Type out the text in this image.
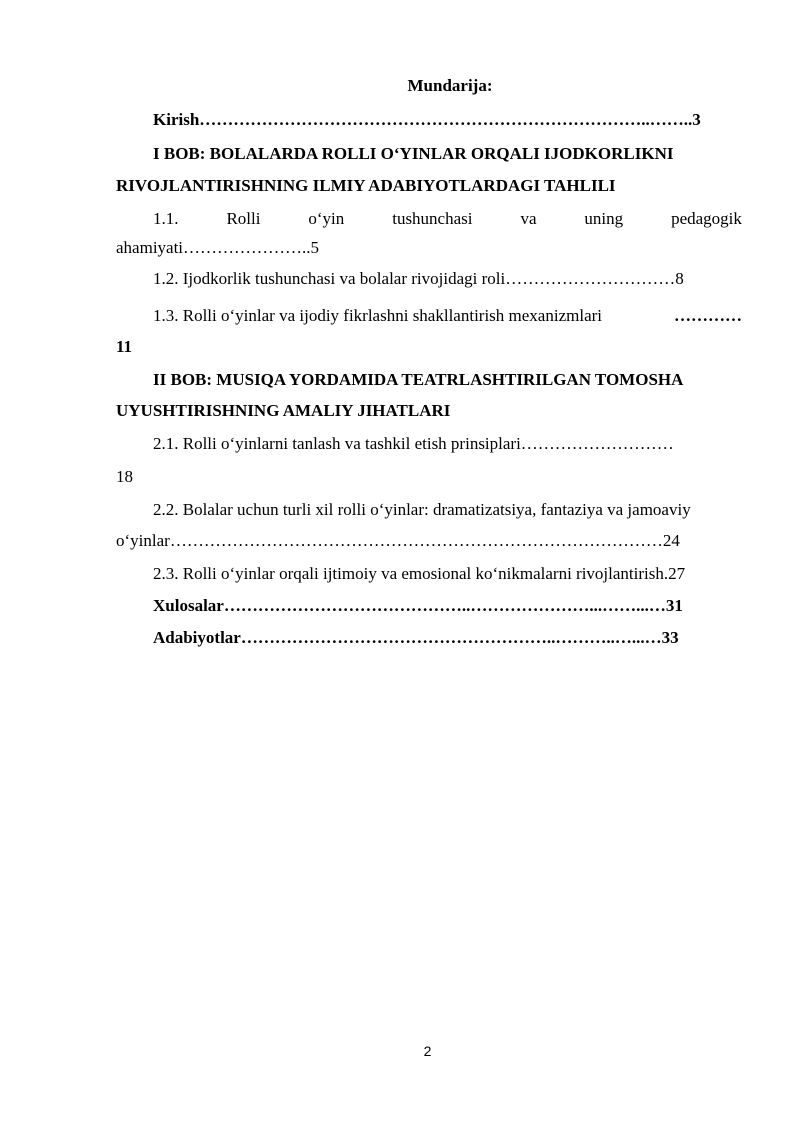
Mundarija:
Kirish……………………………………………………………………..……..3
I BOB: BOLALARDA ROLLI O‘YINLAR ORQALI IJODKORLIKNI
RIVOJLANTIRISHNING ILMIY ADABIYOTLARDAGI TAHLILI
1.1.	Rolli	o‘yin	tushunchasi	va	uning	pedagogik
ahamiyati…………………..5
1.2. Ijodkorlik tushunchasi va bolalar rivojidagi roli…………………………8
1.3. Rolli o‘yinlar va ijodiy fikrlashni shakllantirish mexanizmlari	…………
11
II BOB: MUSIQA YORDAMIDA TEATRLASHTIRILGAN TOMOSHA
UYUSHTIRISHNING AMALIY JIHATLARI
2.1. Rolli o‘yinlarni tanlash va tashkil etish prinsiplari………………………
18
2.2. Bolalar uchun turli xil rolli o‘yinlar: dramatizatsiya, fantaziya va jamoaviy
o‘yinlar……………………………………………………………………………24
2.3. Rolli o‘yinlar orqali ijtimoiy va emosional ko‘nikmalarni rivojlantirish.27
Xulosalar……………………………………..…………………...……...…31
Adabiyotlar………………………………………………..………..…...…33
2
